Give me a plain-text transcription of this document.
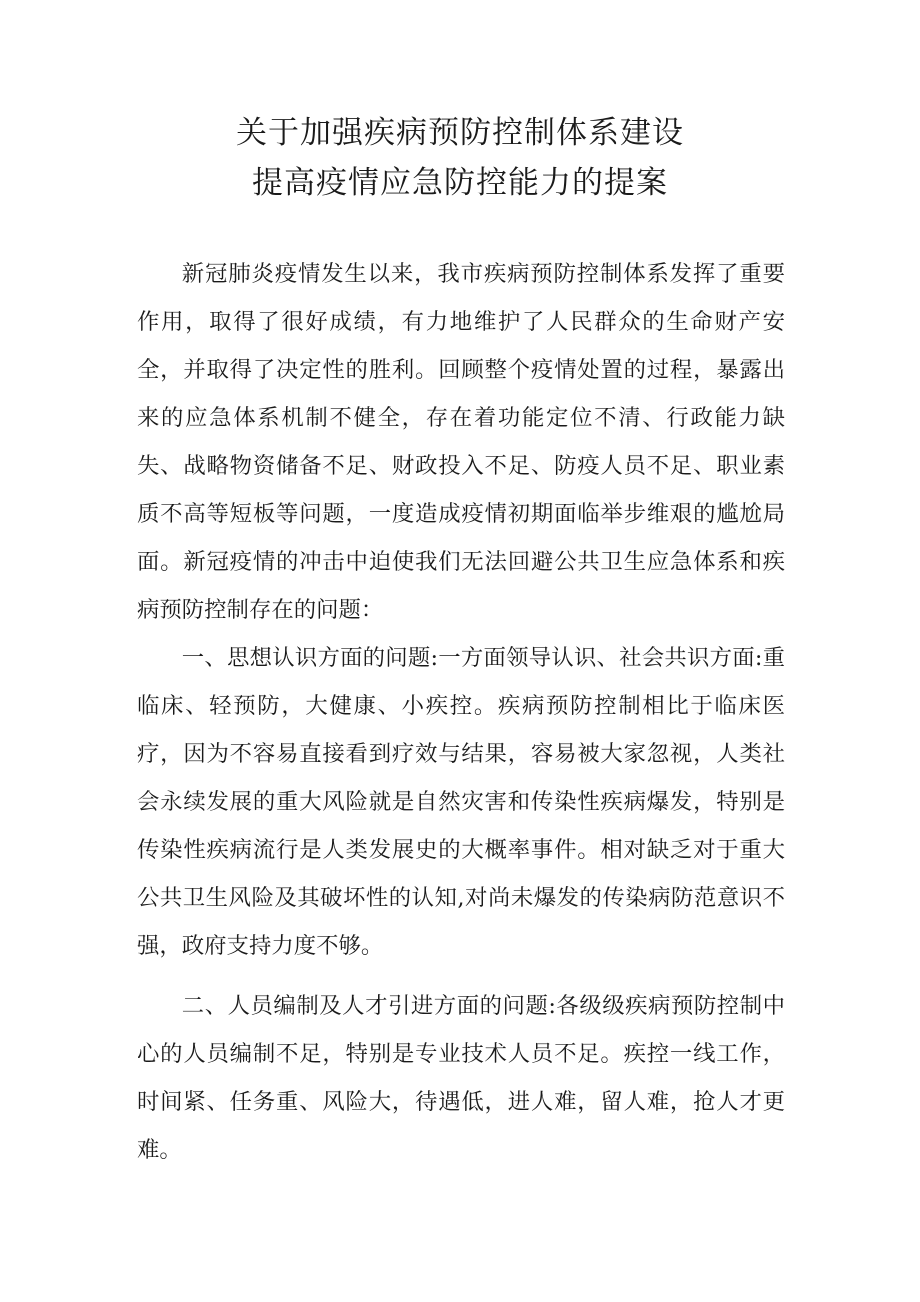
关于加强疾病预防控制体系建设
提高疫情应急防控能力的提案

新冠肺炎疫情发生以来，我市疾病预防控制体系发挥了重要作用，取得了很好成绩，有力地维护了人民群众的生命财产安全，并取得了决定性的胜利。回顾整个疫情处置的过程，暴露出来的应急体系机制不健全，存在着功能定位不清、行政能力缺失、战略物资储备不足、财政投入不足、防疫人员不足、职业素质不高等短板等问题，一度造成疫情初期面临举步维艰的尴尬局面。新冠疫情的冲击中迫使我们无法回避公共卫生应急体系和疾病预防控制存在的问题：

一、思想认识方面的问题:一方面领导认识、社会共识方面:重临床、轻预防，大健康、小疾控。疾病预防控制相比于临床医疗，因为不容易直接看到疗效与结果，容易被大家忽视，人类社会永续发展的重大风险就是自然灾害和传染性疾病爆发，特别是传染性疾病流行是人类发展史的大概率事件。相对缺乏对于重大公共卫生风险及其破坏性的认知,对尚未爆发的传染病防范意识不强，政府支持力度不够。

二、人员编制及人才引进方面的问题:各级级疾病预防控制中心的人员编制不足，特别是专业技术人员不足。疾控一线工作，时间紧、任务重、风险大，待遇低，进人难，留人难，抢人才更难。
